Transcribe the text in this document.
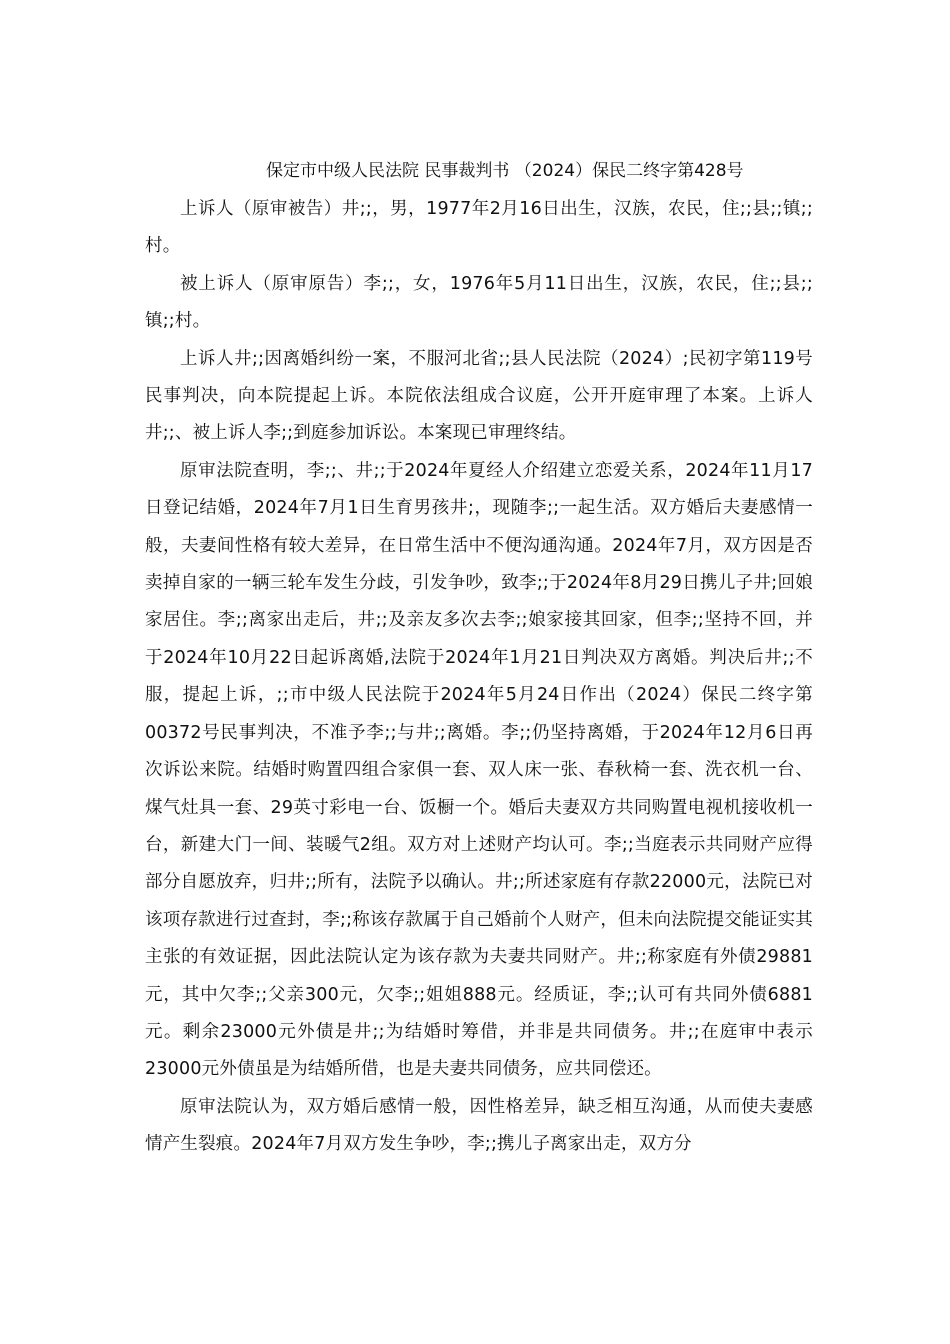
保定市中级人民法院 民事裁判书 （2024）保民二终字第428号

上诉人（原审被告）井;;，男，1977年2月16日出生，汉族，农民，住;;县;;镇;;村。

被上诉人（原审原告）李;;，女，1976年5月11日出生，汉族，农民，住;;县;;镇;;村。

上诉人井;;因离婚纠纷一案，不服河北省;;县人民法院（2024）;民初字第119号民事判决，向本院提起上诉。本院依法组成合议庭，公开开庭审理了本案。上诉人井;;、被上诉人李;;到庭参加诉讼。本案现已审理终结。

原审法院查明，李;;、井;;于2024年夏经人介绍建立恋爱关系，2024年11月17日登记结婚，2024年7月1日生育男孩井;，现随李;;一起生活。双方婚后夫妻感情一般，夫妻间性格有较大差异，在日常生活中不便沟通沟通。2024年7月，双方因是否卖掉自家的一辆三轮车发生分歧，引发争吵，致李;;于2024年8月29日携儿子井;回娘家居住。李;;离家出走后，井;;及亲友多次去李;;娘家接其回家，但李;;坚持不回，并于2024年10月22日起诉离婚,法院于2024年1月21日判决双方离婚。判决后井;;不服，提起上诉，;;市中级人民法院于2024年5月24日作出（2024）保民二终字第00372号民事判决，不准予李;;与井;;离婚。李;;仍坚持离婚，于2024年12月6日再次诉讼来院。结婚时购置四组合家俱一套、双人床一张、春秋椅一套、洗衣机一台、煤气灶具一套、29英寸彩电一台、饭橱一个。婚后夫妻双方共同购置电视机接收机一台，新建大门一间、装暖气2组。双方对上述财产均认可。李;;当庭表示共同财产应得部分自愿放弃，归井;;所有，法院予以确认。井;;所述家庭有存款22000元，法院已对该项存款进行过查封，李;;称该存款属于自己婚前个人财产，但未向法院提交能证实其主张的有效证据，因此法院认定为该存款为夫妻共同财产。井;;称家庭有外债29881元，其中欠李;;父亲300元，欠李;;姐姐888元。经质证，李;;认可有共同外债6881元。剩余23000元外债是井;;为结婚时筹借，并非是共同债务。井;;在庭审中表示23000元外债虽是为结婚所借，也是夫妻共同债务，应共同偿还。

原审法院认为，双方婚后感情一般，因性格差异，缺乏相互沟通，从而使夫妻感情产生裂痕。2024年7月双方发生争吵，李;;携儿子离家出走，双方分
